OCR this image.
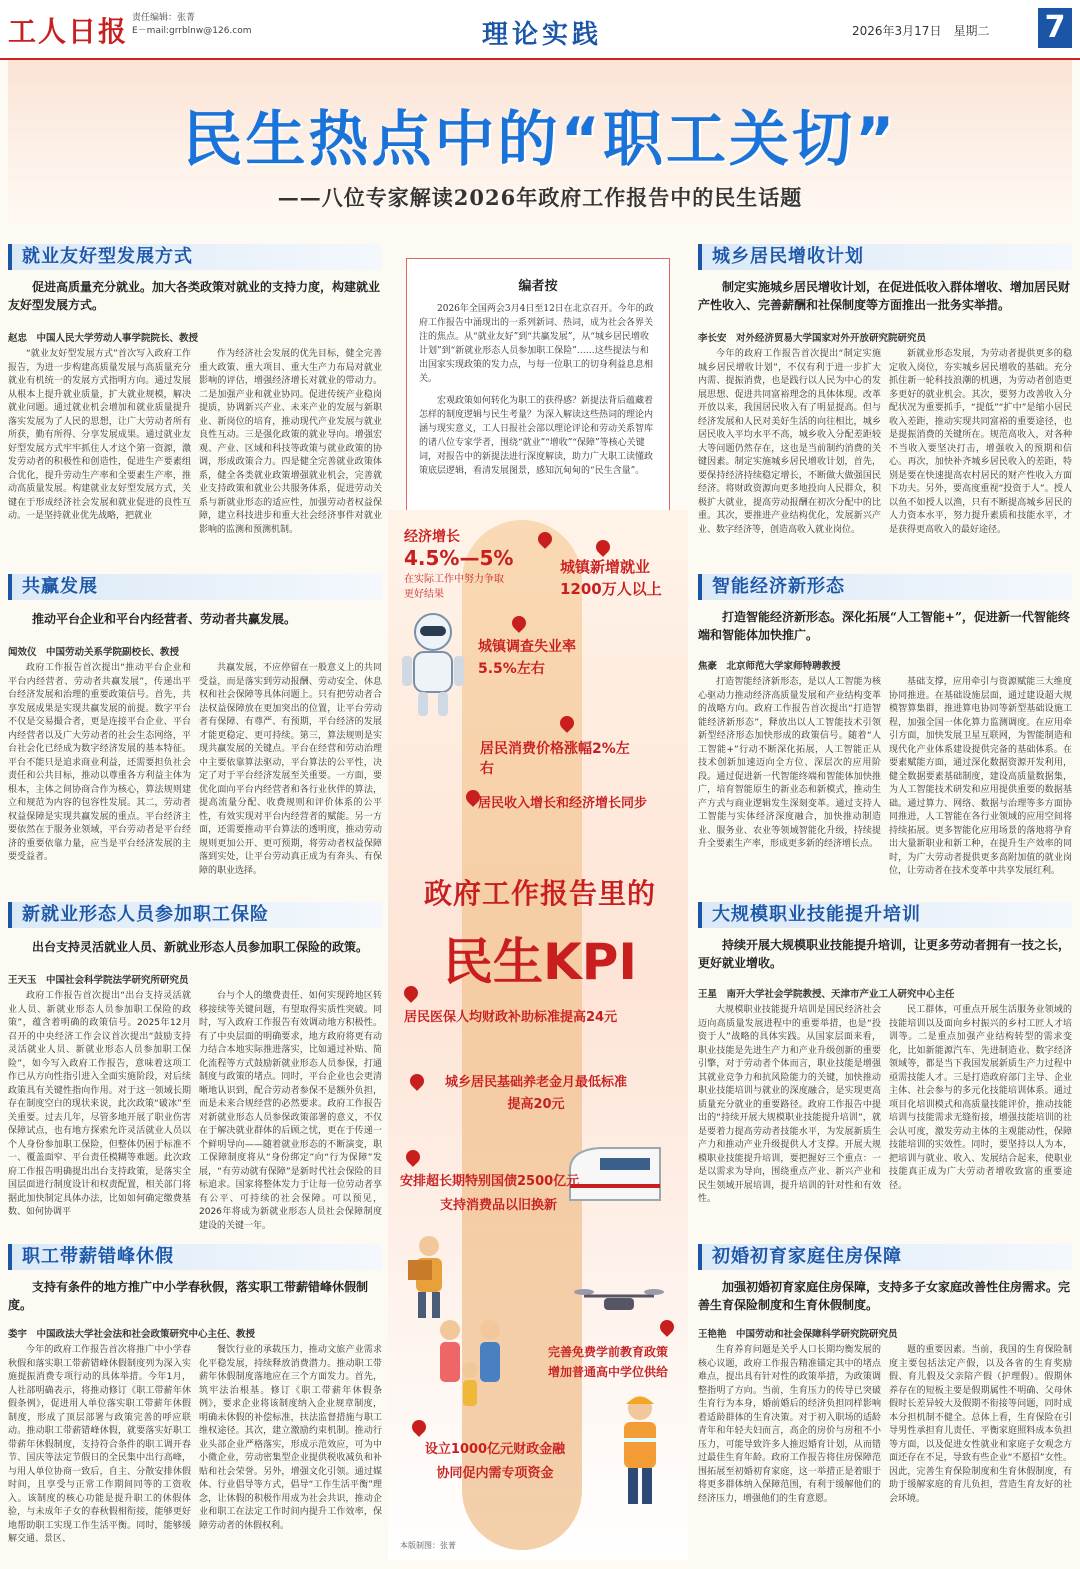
工人日报 责任编辑：张菁
E－mail:grrblnw@126.com	理论实践	2026年3月17日　星期二 7
民生热点中的“职工关切”
——八位专家解读2026年政府工作报告中的民生话题
就业友好型发展方式
促进高质量充分就业。加大各类政策对就业的支持力度，构建就业友好型发展方式。
赵忠　中国人民大学劳动人事学院院长、教授
“就业友好型发展方式”首次写入政府工作报告，为进一步构建高质量发展与高质量充分就业有机统一的发展方式指明方向。通过发展从根本上提升就业质量，扩大就业规模，解决就业问题。通过就业机会增加和就业质量提升落实发展为了人民的思想，让广大劳动者所有所获，勤有所得、分享发展成果。通过就业友好型发展方式牢牢抓住人才这个第一资源，激发劳动者的积极性和创造性，促进生产要素组合优化，提升劳动生产率和全要素生产率，推动高质量发展。构建就业友好型发展方式，关键在于形成经济社会发展和就业促进的良性互动。一是坚持就业优先战略，把就业
作为经济社会发展的优先目标，健全完善重大政策、重大项目、重大生产力布局对就业影响的评估，增强经济增长对就业的带动力。二是加强产业和就业协同。促进传统产业稳岗提质，协调新兴产业、未来产业的发展与新职业、新岗位的培育，推动现代产业发展与就业良性互动。三是强化政策的就业导向。增强宏观、产业、区域和科技等政策与就业政策的协调，形成政策合力。四是健全完善就业政策体系，健全各类就业政策增强就业机会，完善就业支持政策和就业公共服务体系，促进劳动关系与新就业形态的适应性，加强劳动者权益保障，建立科技进步和重大社会经济事件对就业影响的监测和预测机制。
共赢发展
推动平台企业和平台内经营者、劳动者共赢发展。
闻效仪　中国劳动关系学院副校长、教授
政府工作报告首次提出“推动平台企业和平台内经营者、劳动者共赢发展”，传递出平台经济发展和治理的重要政策信号。首先，共享发展成果是实现共赢发展的前提。数字平台不仅是交易撮合者，更是连接平台企业、平台内经营者以及广大劳动者的社会生态网络，平台社会化已经成为数字经济发展的基本特征。平台不能只是追求商业利益，还需要担负社会责任和公共目标，推动以尊重各方利益主体为根本，主体之间协商合作为核心，算法规则建立和规范为内容的包容性发展。其二，劳动者权益保障是实现共赢发展的重点。平台经济主要依然在于服务业领域，平台劳动者是平台经济的重要依靠力量，应当是平台经济发展的主要受益者。
共赢发展，不应停留在一般意义上的共同受益，而是落实到劳动报酬、劳动安全、休息权和社会保障等具体问题上。只有把劳动者合法权益保障放在更加突出的位置，让平台劳动者有保障、有尊严、有预期，平台经济的发展才能更稳定、更可持续。第三，算法规则是实现共赢发展的关键点。平台在经营和劳动治理中主要依靠算法驱动，平台算法的公平性，决定了对于平台经济发展至关重要。一方面，要优化面向平台内经营者和各行业伙伴的算法，提高流量分配、收费规则和评价体系的公平性，有效实现对平台内经营者的赋能。另一方面，还需要推动平台算法的透明度，推动劳动规则更加公开、更可预期，将劳动者权益保障落到实处，让平台劳动真正成为有奔头、有保障的职业选择。
新就业形态人员参加职工保险
出台支持灵活就业人员、新就业形态人员参加职工保险的政策。
王天玉　中国社会科学院法学研究所研究员
政府工作报告首次提出“出台支持灵活就业人员、新就业形态人员参加职工保险的政策”，蕴含着明确的政策信号。2025年12月召开的中央经济工作会议首次提出“鼓励支持灵活就业人员、新就业形态人员参加职工保险”，如今写入政府工作报告，意味着这项工作已从方向性指引进入全面实施阶段，对后续政策具有关键性指向作用。对于这一领域长期存在制度空白的现状来说，此次政策“破冰”至关重要。过去几年，尽管多地开展了职业伤害保障试点，也有地方探索允许灵活就业人员以个人身份参加职工保险，但整体仍困于标准不一、覆盖面窄、平台责任模糊等难题。此次政府工作报告明确提出出台支持政策，是落实全国层面进行制度设计和权责配置，相关部门将据此加快制定具体办法，比如如何确定缴费基数、如何协调平
台与个人的缴费责任、如何实现跨地区转移接续等关键问题，有望取得实质性突破。同时，写入政府工作报告有效调动地方积极性。有了中央层面的明确要求，地方政府将更有动力结合本地实际推进落实，比如通过补贴、简化流程等方式鼓励新就业形态人员参保，打通制度与政策的堵点。同时，平台企业也会更清晰地认识到，配合劳动者参保不是额外负担，而是未来合规经营的必然要求。政府工作报告对新就业形态人员参保政策部署的意义，不仅在于解决就业群体的后顾之忧，更在于传递一个鲜明导向——随着就业形态的不断演变，职工保障制度将从“身份绑定”向“行为保障”发展，“有劳动就有保障”是新时代社会保险的目标追求。国家将整体发力于让每一位劳动者享有公平、可持续的社会保障。可以预见，2026年将成为新就业形态人员社会保障制度建设的关键一年。
职工带薪错峰休假
支持有条件的地方推广中小学春秋假，落实职工带薪错峰休假制度。
娄宇　中国政法大学社会法和社会政策研究中心主任、教授
今年的政府工作报告首次将推广中小学春秋假和落实职工带薪错峰休假制度列为深入实施提振消费专项行动的具体举措。今年1月，人社部明确表示，将推动修订《职工带薪年休假条例》，促进用人单位落实职工带薪年休假制度，形成了顶层部署与政策完善的呼应联动。推动职工带薪错峰休假，就要落实好职工带薪年休假制度，支持符合条件的职工调开春节、国庆等法定节假日的全民集中出行高峰，与用人单位协商一致后，自主、分散安排休假时间，且享受与正常工作期间同等的工资收入。该制度的核心功能是提升职工的休假体验，与未成年子女的春秋假相衔接，能够更好地帮助职工实现工作生活平衡。同时，能够缓解交通、景区、
餐饮行业的承载压力，推动文旅产业需求化平稳发展，持续释放消费潜力。推动职工带薪年休假制度落地应在三个方面发力。首先，筑牢法治根基。修订《职工带薪年休假条例》，要求企业将该制度纳入企业规章制度，明确未休假的补偿标准，扶法监督措施与职工维权途径。其次，建立激励约束机制。推动行业头部企业严格落实，形成示范效应，可为中小微企业，劳动密集型企业提供税收减负和补贴和社会荣誉。另外，增强文化引领。通过媒体、行业倡导等方式，倡导“工作生活平衡”理念，让休假的积极作用成为社会共识，推动企业和职工在法定工作时间内提升工作效率，保障劳动者的休假权利。
城乡居民增收计划
制定实施城乡居民增收计划，在促进低收入群体增收、增加居民财产性收入、完善薪酬和社保制度等方面推出一批务实举措。
李长安　对外经济贸易大学国家对外开放研究院研究员
今年的政府工作报告首次提出“制定实施城乡居民增收计划”，不仅有利于进一步扩大内需、提振消费，也是践行以人民为中心的发展思想、促进共同富裕理念的具体体现。改革开放以来，我国居民收入有了明显提高。但与经济发展和人民对美好生活的向往相比，城乡居民收入平均水平不高，城乡收入分配差距较大等问题仍然存在，这也是当前制约消费的关键因素。制定实施城乡居民增收计划，首先，要保持经济持续稳定增长，不断做大做强国民经济。将财政资源向更多地投向人民群众，积极扩大就业，提高劳动报酬在初次分配中的比重。其次，要推进产业结构优化，发展新兴产业、数字经济等，创造高收入就业岗位。
新就业形态发展，为劳动者提供更多的稳定收入岗位，夯实城乡居民增收的基础。充分抓住新一轮科技浪潮的机遇，为劳动者创造更多更好的就业机会。其次，要努力改善收入分配状况为重要抓手，“提低”“扩中”是缩小居民收入差距，推动实现共同富裕的重要途径，也是提振消费的关键所在。规范高收入，对各种不当收入要坚决打击，增强收入的预期和信心。再次，加快补齐城乡居民收入的差距，特别是要在快速提高农村居民的财产性收入方面下功夫。另外，要高度重视“投资于人”。授人以鱼不如授人以渔，只有不断提高城乡居民的人力资本水平，努力提升素质和技能水平，才是获得更高收入的最好途径。
智能经济新形态
打造智能经济新形态。深化拓展“人工智能+”，促进新一代智能终端和智能体加快推广。
焦豪　北京师范大学家师特聘教授
打造智能经济新形态，是以人工智能为核心驱动力推动经济高质量发展和产业结构变革的战略方向。政府工作报告首次提出“打造智能经济新形态”，释放出以人工智能技术引领新型经济形态加快形成的政策信号。随着“人工智能+”行动不断深化拓展，人工智能正从技术创新加速迈向全方位、深层次的应用阶段。通过促进新一代智能终端和智能体加快推广，培育智能原生的新业态和新模式，推动生产方式与商业逻辑发生深刻变革。通过支持人工智能与实体经济深度融合，加快推动制造业、服务业、农业等领域智能化升级，持续提升全要素生产率，形成更多新的经济增长点。
基础支撑，应用牵引与资源赋能三大维度协同推进。在基础设施层面，通过建设超大规模智算集群，推进算电协同等新型基础设施工程，加强全国一体化算力监测调度。在应用牵引方面，加快发展卫星互联网，为智能制造和现代化产业体系建设提供完备的基础体系。在要素赋能方面，通过深化数据资源开发利用，健全数据要素基础制度，建设高质量数据集，为人工智能技术研发和应用提供重要的数据基础。通过算力、网络、数据与治理等多方面协同推进，人工智能在各行业领域的应用空间将持续拓展。更多智能化应用场景的落地将孕育出大量新职业和新工种，在提升生产效率的同时，为广大劳动者提供更多高附加值的就业岗位，让劳动者在技术变革中共享发展红利。
大规模职业技能提升培训
持续开展大规模职业技能提升培训，让更多劳动者拥有一技之长，更好就业增收。
王星　南开大学社会学院教授、天津市产业工人研究中心主任
大规模职业技能提升培训是国民经济社会迈向高质量发展进程中的重要举措，也是“投资于人”战略的具体实践。从国家层面来看，职业技能是先进生产力和产业升级创新的重要引擎，对于劳动者个体而言，职业技能是增强其就业竞争力和抗风险能力的关键，加快推动职业技能培训与就业的深度融合，是实现更高质量充分就业的重要路径。政府工作报告中提出的“持续开展大规模职业技能提升培训”，就是要着力提高劳动者技能水平，为发展新质生产力和推动产业升级提供人才支撑。开展大规模职业技能提升培训，要把握好三个重点：一是以需求为导向，围绕重点产业、新兴产业和民生领域开展培训，提升培训的针对性和有效性。
民工群体，可重点开展生活服务业领域的技能培训以及面向乡村振兴的乡村工匠人才培训等。二是重点加强产业结构转型的需求变化，比如新能源汽车、先进制造业、数字经济领域等，都是当下我国发展新质生产力过程中亟需技能人才。三是打造政府部门主导、企业主体、社会参与的多元化技能培训体系。通过项目化培训模式和高质量技能评价，推动技能培训与技能需求无缝衔接，增强技能培训的社会认可度，激发劳动主体的主观能动性，保障技能培训的实效性。同时，要坚持以人为本，把培训与就业、收入、发展结合起来，使职业技能真正成为广大劳动者增收致富的重要途径。
初婚初育家庭住房保障
加强初婚初育家庭住房保障，支持多子女家庭改善性住房需求。完善生育保险制度和生育休假制度。
王艳艳　中国劳动和社会保障科学研究院研究员
生育养育问题是关乎人口长期均衡发展的核心议题，政府工作报告精准锚定其中的堵点难点，提出具有针对性的政策举措，为政策调整指明了方向。当前，生育压力的传导已突破生育行为本身，婚前婚后的经济负担同样影响着适龄群体的生育决策。对于初入职场的适龄青年和年轻夫妇而言，高企的房价与房租不小压力，可能导致许多人推迟婚育计划，从而错过最佳生育年龄。政府工作报告将住房保障范围拓展至初婚初育家庭，这一举措正是着眼于将更多群体纳入保障范围，有利于缓解他们的经济压力，增强他们的生育意愿。
题的重要因素。当前，我国的生育保险制度主要包括法定产假，以及各省的生育奖励假、育儿假及父亲陪产假（护理假）。假期休养存在的短板主要是假期属性不明确、父母休假时长差异较大及假期不衔接等问题，同时成本分担机制不健全。总体上看，生育保险在引导男性承担育儿责任、平衡家庭照料成本负担等方面，以及促进女性就业和家庭子女观念方面还存在不足，导致有些企业“不愿招”女性。因此，完善生育保险制度和生育休假制度，有助于缓解家庭的育儿负担，营造生育友好的社会环境。
编者按
2026年全国两会3月4日至12日在北京召开。今年的政府工作报告中涌现出的一系列新词、热词，成为社会各界关注的焦点。从“就业友好”到“共赢发展”，从“城乡居民增收计划”到“新就业形态人员参加职工保险”……这些提法与和出国家实现政策的发力点，与每一位职工的切身利益息息相关。
宏观政策如何转化为职工的获得感？新提法背后蕴藏着怎样的制度逻辑与民生考量？为深入解读这些热词的理论内涵与现实意义，工人日报社会部以理论评论和劳动关系智库的诸八位专家学者，围绕“就业”“增收”“保障”等核心关键词，对报告中的新提法进行深度解读，助力广大职工读懂政策底层逻辑，看清发展图景，感知沉甸甸的“民生含量”。
经济增长
4.5%—5%
在实际工作中努力争取
更好结果
城镇新增就业1200万人以上
城镇调查失业率5.5%左右
居民消费价格涨幅2%左右
居民收入增长和经济增长同步
政府工作报告里的
民生KPI
居民医保人均财政补助标准提高24元
城乡居民基础养老金月最低标准
提高20元
安排超长期特别国债2500亿元
支持消费品以旧换新
完善免费学前教育政策
增加普通高中学位供给
设立1000亿元财政金融
协同促内需专项资金
本版制图：张菁
